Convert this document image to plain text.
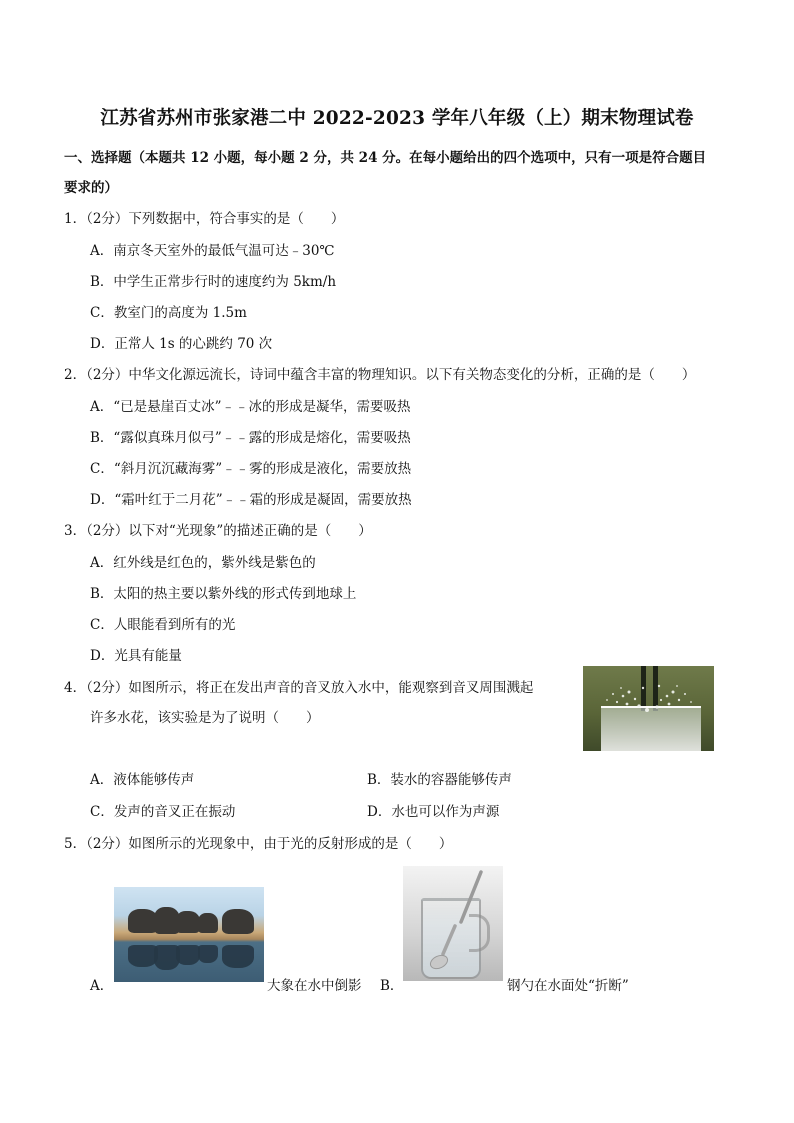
江苏省苏州市张家港二中 2022-2023 学年八年级（上）期末物理试卷
一、选择题（本题共 12 小题，每小题 2 分，共 24 分。在每小题给出的四个选项中，只有一项是符合题目
要求的）
1．（2分）下列数据中，符合事实的是（　　）
A．南京冬天室外的最低气温可达﹣30℃
B．中学生正常步行时的速度约为 5km/h
C．教室门的高度为 1.5m
D．正常人 1s 的心跳约 70 次
2．（2分）中华文化源远流长，诗词中蕴含丰富的物理知识。以下有关物态变化的分析，正确的是（　　）
A．“已是悬崖百丈冰”﹣﹣冰的形成是凝华，需要吸热
B．“露似真珠月似弓”﹣﹣露的形成是熔化，需要吸热
C．“斜月沉沉藏海雾”﹣﹣雾的形成是液化，需要放热
D．“霜叶红于二月花”﹣﹣霜的形成是凝固，需要放热
3．（2分）以下对“光现象”的描述正确的是（　　）
A．红外线是红色的，紫外线是紫色的
B．太阳的热主要以紫外线的形式传到地球上
C．人眼能看到所有的光
D．光具有能量
4．（2分）如图所示，将正在发出声音的音叉放入水中，能观察到音叉周围溅起
许多水花，该实验是为了说明（　　）
A．液体能够传声	B．装水的容器能够传声
C．发声的音叉正在振动	D．水也可以作为声源
5．（2分）如图所示的光现象中，由于光的反射形成的是（　　）
A．	大象在水中倒影 B．	钢勺在水面处“折断”
